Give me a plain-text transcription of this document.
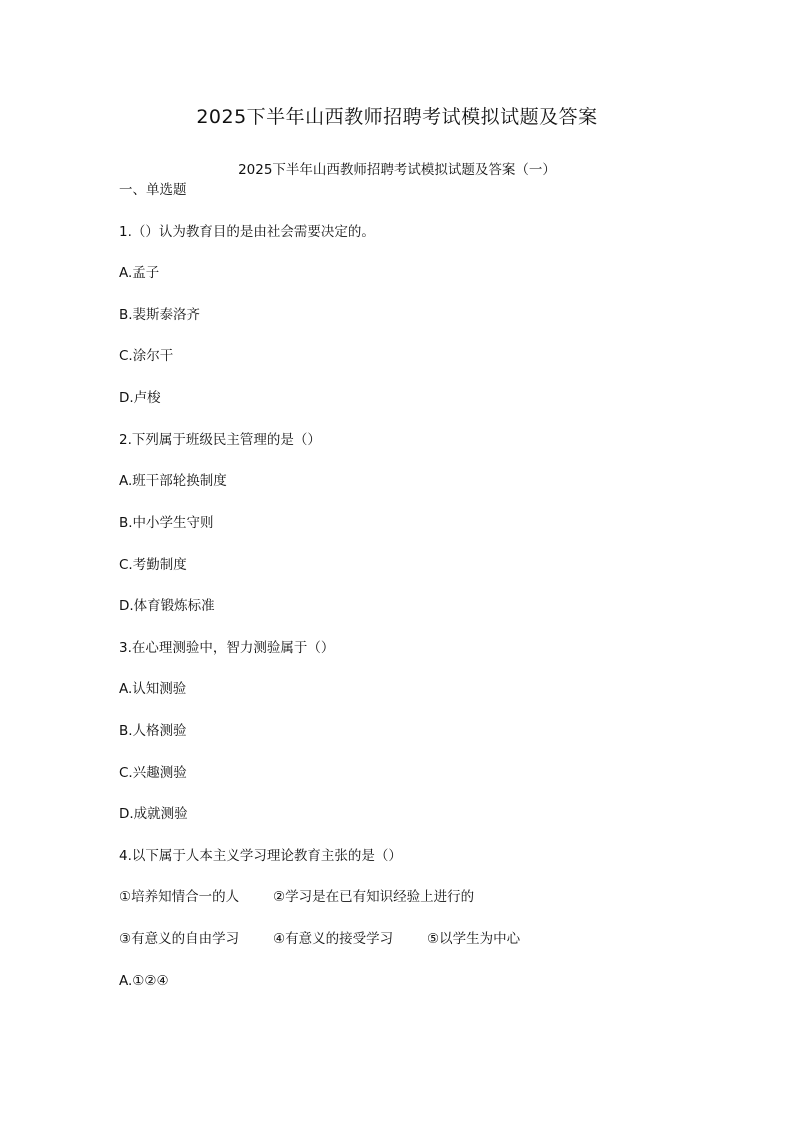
2025下半年山西教师招聘考试模拟试题及答案
2025下半年山西教师招聘考试模拟试题及答案（一）
一、单选题
1.（）认为教育目的是由社会需要决定的。
A.孟子
B.裴斯泰洛齐
C.涂尔干
D.卢梭
2.下列属于班级民主管理的是（）
A.班干部轮换制度
B.中小学生守则
C.考勤制度
D.体育锻炼标准
3.在心理测验中，智力测验属于（）
A.认知测验
B.人格测验
C.兴趣测验
D.成就测验
4.以下属于人本主义学习理论教育主张的是（）
①培养知情合一的人	②学习是在已有知识经验上进行的
③有意义的自由学习	④有意义的接受学习	⑤以学生为中心
A.①②④
